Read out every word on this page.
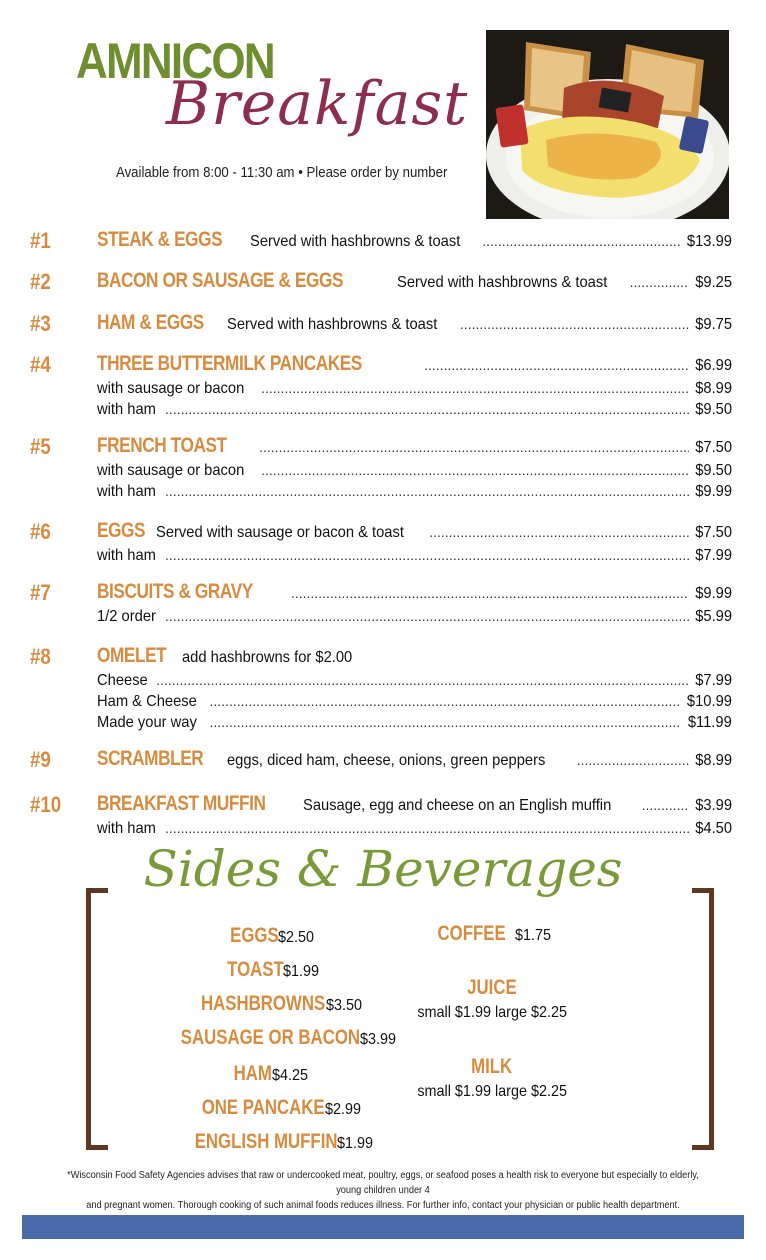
AMNICON
Breakfast
Available from 8:00 - 11:30 am • Please order by number
#1 STEAK & EGGS Served with hashbrowns & toast .....	$13.99
#2 BACON OR SAUSAGE & EGGS	Served with hashbrowns & toast .....	$9.25
#3 HAM & EGGS Served with hashbrowns & toast .....	$9.75
#4 THREE BUTTERMILK PANCAKES .....	$6.99
with sausage or bacon .....	$8.99
with ham .....	$9.50
#5 FRENCH TOAST .....	$7.50
with sausage or bacon .....	$9.50
with ham .....	$9.99
#6 EGGS Served with sausage or bacon & toast .....	$7.50
with ham .....	$7.99
#7 BISCUITS & GRAVY .....	$9.99
1/2 order .....	$5.99
#8 OMELET add hashbrowns for $2.00
Cheese .....	$7.99
Ham & Cheese .....	$10.99
Made your way .....	$11.99
#9 SCRAMBLER eggs, diced ham, cheese, onions, green peppers .....	$8.99
#10 BREAKFAST MUFFIN Sausage, egg and cheese on an English muffin .....	$3.99
with ham .....	$4.50
Sides & Beverages
EGGS$2.50
TOAST$1.99
HASHBROWNS$3.50
SAUSAGE OR BACON$3.99
HAM$4.25
ONE PANCAKE$2.99
ENGLISH MUFFIN$1.99
COFFEE $1.75
JUICE
small $1.99 large $2.25
MILK
small $1.99 large $2.25
*Wisconsin Food Safety Agencies advises that raw or undercooked meat, poultry, eggs, or seafood poses a health risk to everyone but especially to elderly, young children under 4
and pregnant women. Thorough cooking of such animal foods reduces illness. For further info, contact your physician or public health department.
